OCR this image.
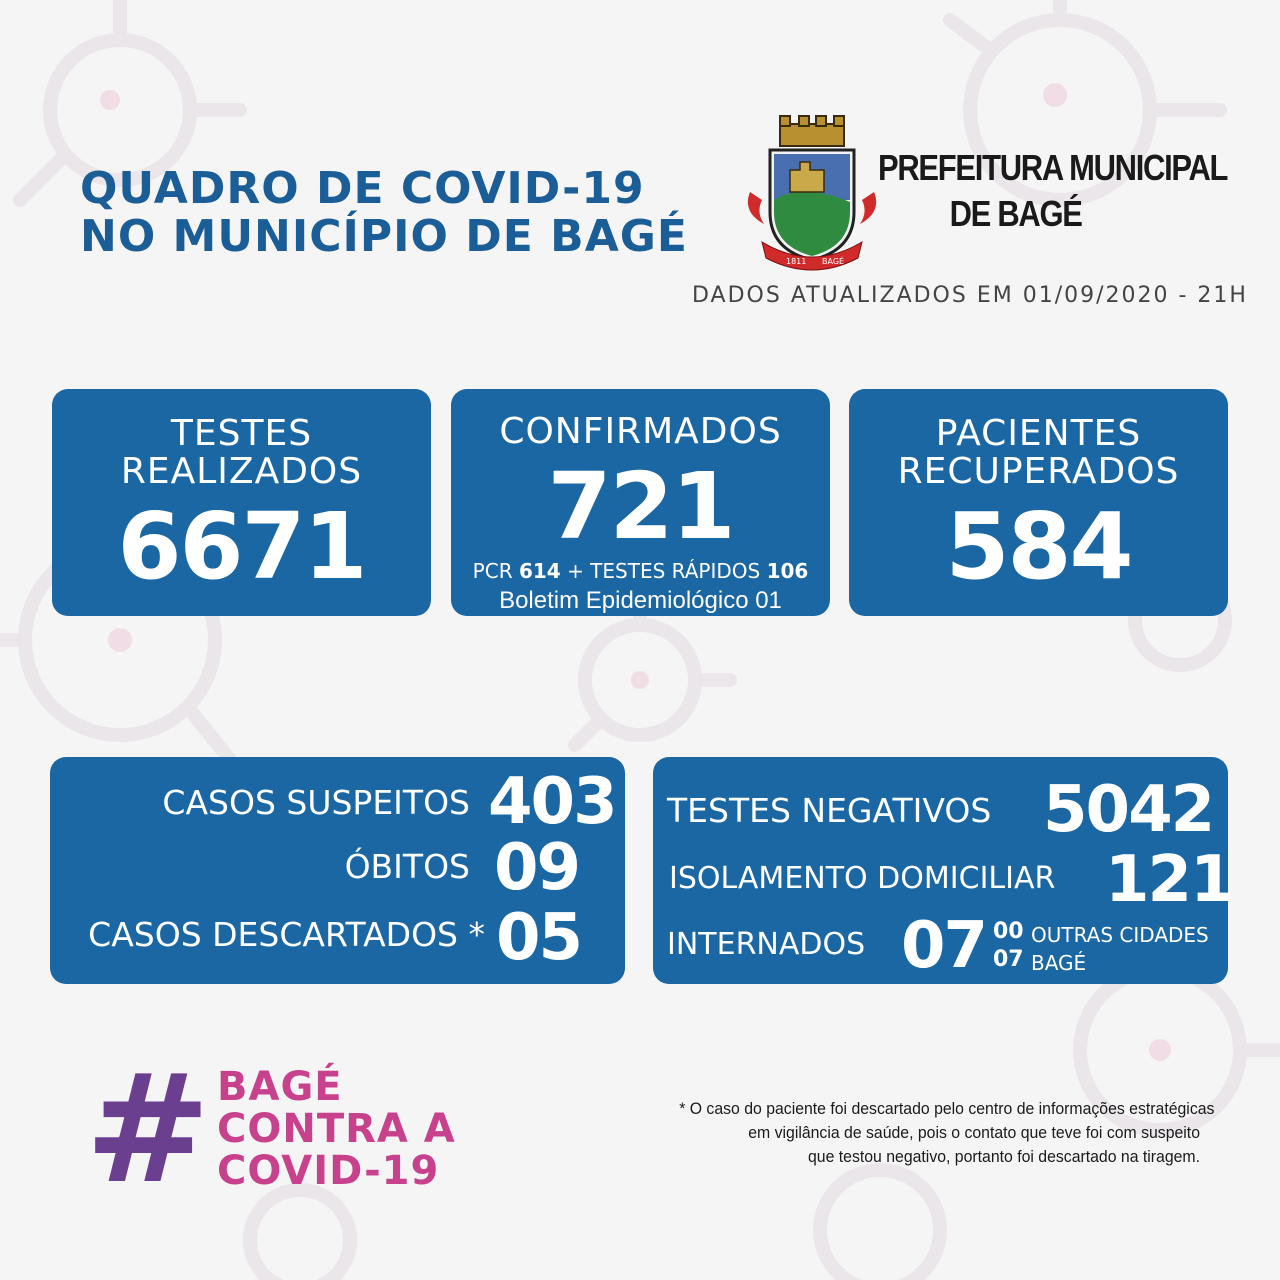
QUADRO DE COVID-19
NO MUNICÍPIO DE BAGÉ	1811 BAGÉ
PREFEITURA MUNICIPAL
DE BAGÉ
DADOS ATUALIZADOS EM 01/09/2020 - 21H
TESTES
REALIZADOS
6671
CONFIRMADOS
721
PCR 614 + TESTES RÁPIDOS 106
Boletim Epidemiológico 01
PACIENTES
RECUPERADOS
584
CASOS SUSPEITOS 403
ÓBITOS 09
CASOS DESCARTADOS * 05
TESTES NEGATIVOS 5042
ISOLAMENTO DOMICILIAR 121
INTERNADOS 07 00 OUTRAS CIDADES
07 BAGÉ
# BAGÉ
CONTRA A
COVID-19
* O caso do paciente foi descartado pelo centro de informações estratégicas
em vigilância de saúde, pois o contato que teve foi com suspeito
que testou negativo, portanto foi descartado na tiragem.
